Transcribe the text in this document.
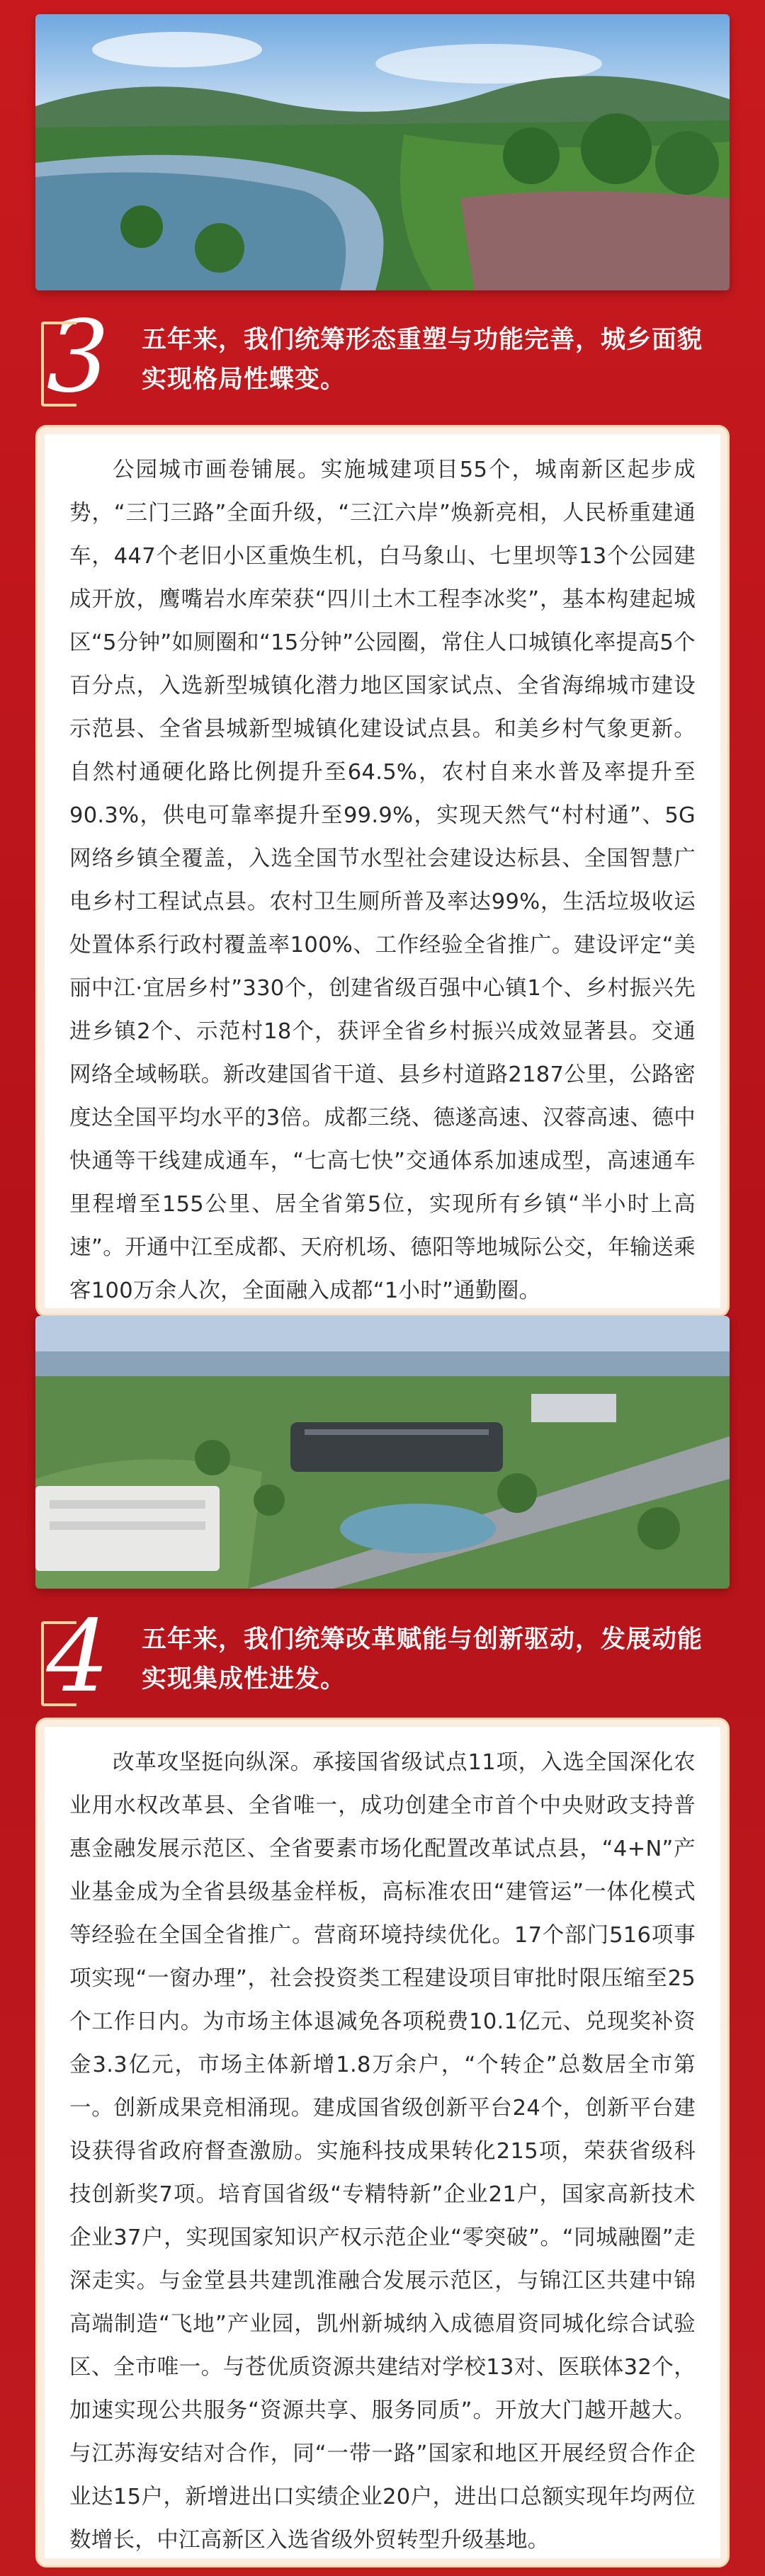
3	五年来，我们统筹形态重塑与功能完善，城乡面貌实现格局性蝶变。

公园城市画卷铺展。实施城建项目55个，城南新区起步成势，“三门三路”全面升级，“三江六岸”焕新亮相，人民桥重建通车，447个老旧小区重焕生机，白马象山、七里坝等13个公园建成开放，鹰嘴岩水库荣获“四川土木工程李冰奖”，基本构建起城区“5分钟”如厕圈和“15分钟”公园圈，常住人口城镇化率提高5个百分点，入选新型城镇化潜力地区国家试点、全省海绵城市建设示范县、全省县城新型城镇化建设试点县。和美乡村气象更新。自然村通硬化路比例提升至64.5%，农村自来水普及率提升至90.3%，供电可靠率提升至99.9%，实现天然气“村村通”、5G网络乡镇全覆盖，入选全国节水型社会建设达标县、全国智慧广电乡村工程试点县。农村卫生厕所普及率达99%，生活垃圾收运处置体系行政村覆盖率100%、工作经验全省推广。建设评定“美丽中江·宜居乡村”330个，创建省级百强中心镇1个、乡村振兴先进乡镇2个、示范村18个，获评全省乡村振兴成效显著县。交通网络全域畅联。新改建国省干道、县乡村道路2187公里，公路密度达全国平均水平的3倍。成都三绕、德遂高速、汉蓉高速、德中快通等干线建成通车，“七高七快”交通体系加速成型，高速通车里程增至155公里、居全省第5位，实现所有乡镇“半小时上高速”。开通中江至成都、天府机场、德阳等地城际公交，年输送乘客100万余人次，全面融入成都“1小时”通勤圈。

4	五年来，我们统筹改革赋能与创新驱动，发展动能实现集成性进发。

改革攻坚挺向纵深。承接国省级试点11项，入选全国深化农业用水权改革县、全省唯一，成功创建全市首个中央财政支持普惠金融发展示范区、全省要素市场化配置改革试点县，“4+N”产业基金成为全省县级基金样板，高标准农田“建管运”一体化模式等经验在全国全省推广。营商环境持续优化。17个部门516项事项实现“一窗办理”，社会投资类工程建设项目审批时限压缩至25个工作日内。为市场主体退减免各项税费10.1亿元、兑现奖补资金3.3亿元，市场主体新增1.8万余户，“个转企”总数居全市第一。创新成果竞相涌现。建成国省级创新平台24个，创新平台建设获得省政府督查激励。实施科技成果转化215项，荣获省级科技创新奖7项。培育国省级“专精特新”企业21户，国家高新技术企业37户，实现国家知识产权示范企业“零突破”。“同城融圈”走深走实。与金堂县共建凯淮融合发展示范区，与锦江区共建中锦高端制造“飞地”产业园，凯州新城纳入成德眉资同城化综合试验区、全市唯一。与苍优质资源共建结对学校13对、医联体32个，加速实现公共服务“资源共享、服务同质”。开放大门越开越大。与江苏海安结对合作，同“一带一路”国家和地区开展经贸合作企业达15户，新增进出口实绩企业20户，进出口总额实现年均两位数增长，中江高新区入选省级外贸转型升级基地。
